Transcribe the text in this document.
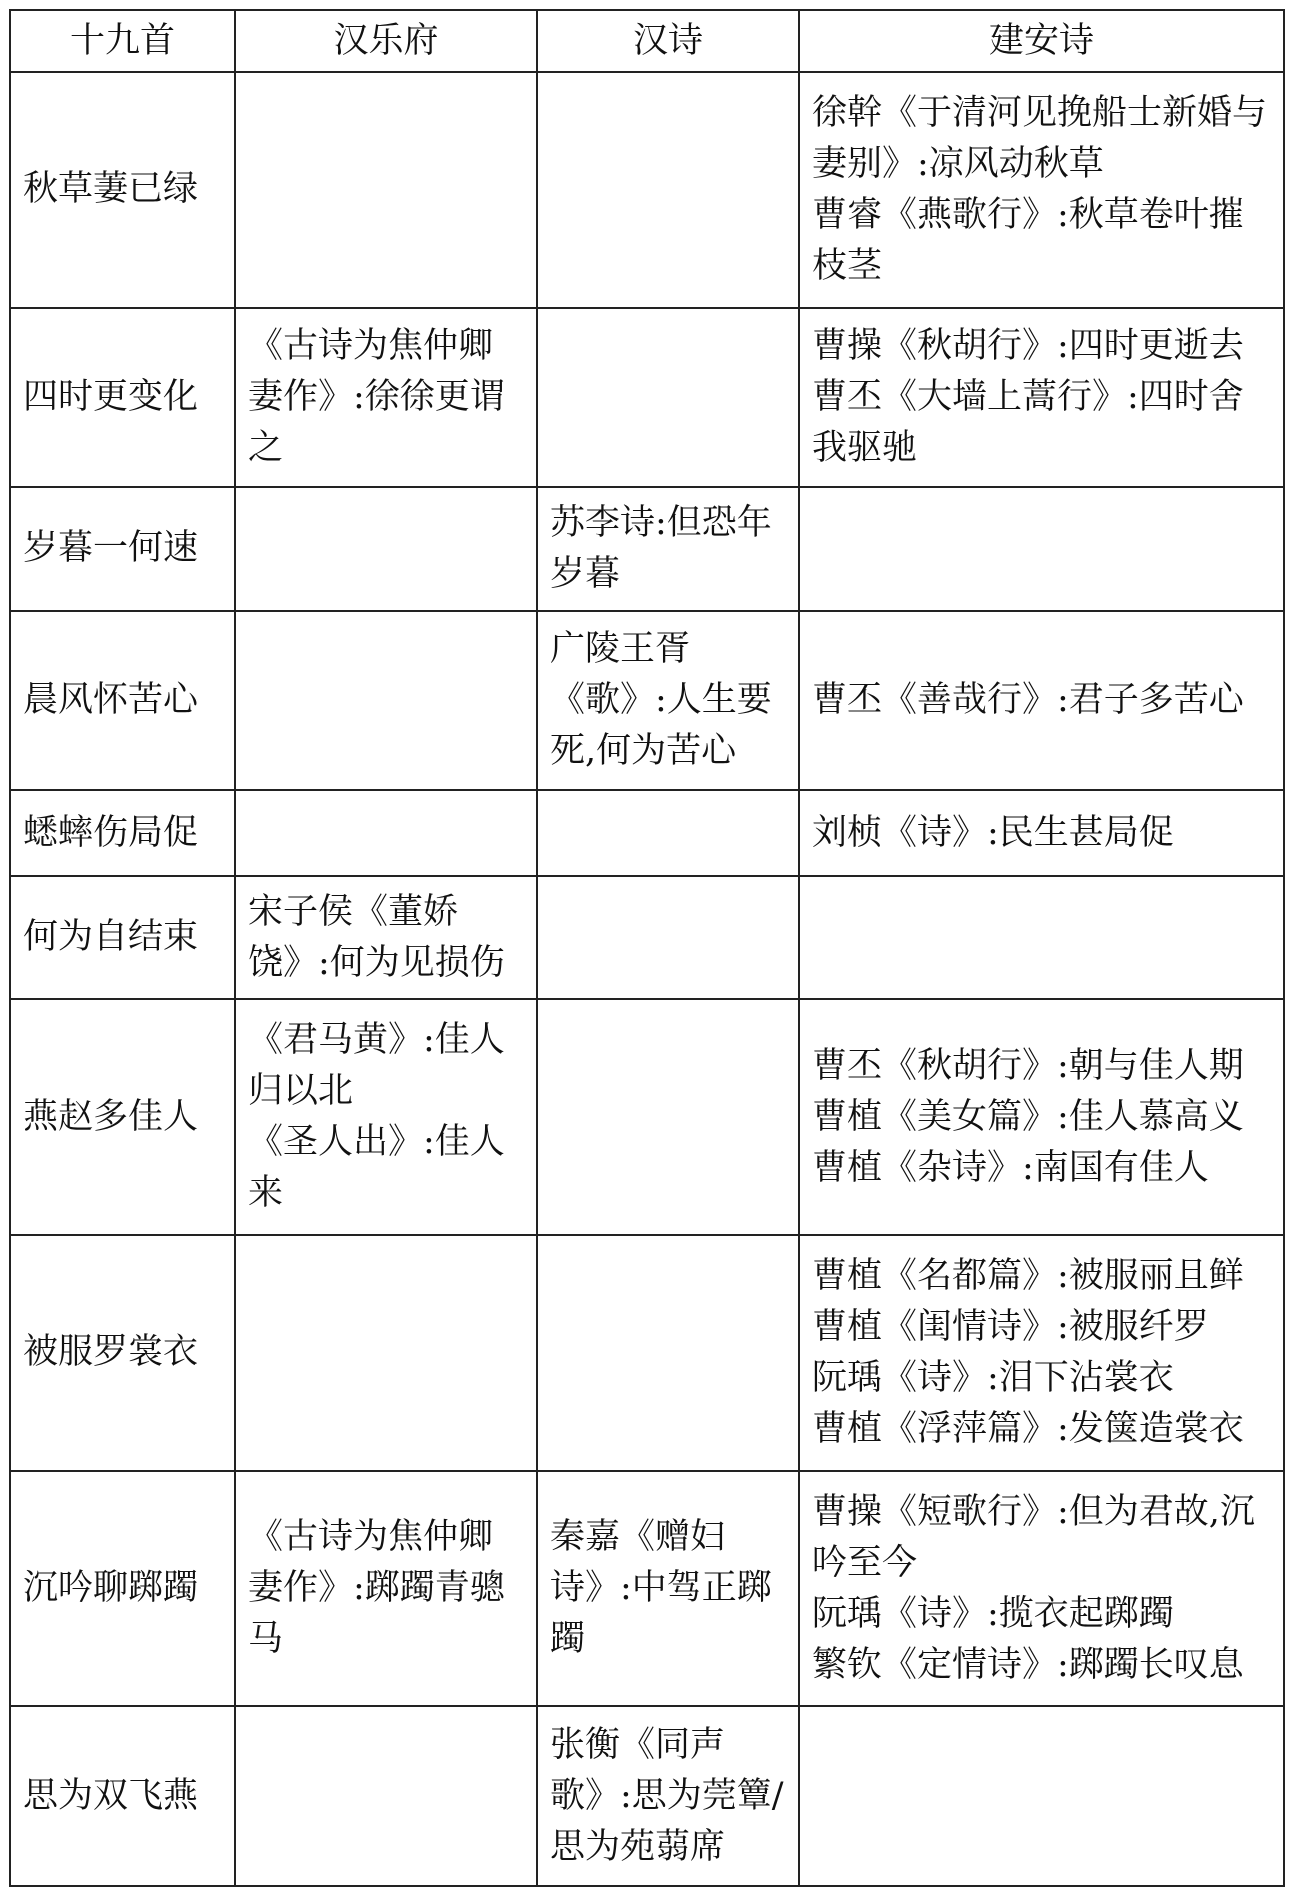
十九首	汉乐府	汉诗	建安诗
秋草萋已绿			徐幹《于清河见挽船士新婚与妻别》:凉风动秋草
曹睿《燕歌行》:秋草卷叶摧枝茎

四时更变化	《古诗为焦仲卿妻作》:徐徐更谓之		曹操《秋胡行》:四时更逝去
曹丕《大墙上蒿行》:四时舍我驱驰

岁暮一何速		苏李诗:但恐年岁暮	

晨风怀苦心		广陵王胥《歌》:人生要死,何为苦心	曹丕《善哉行》:君子多苦心

蟋蟀伤局促			刘桢《诗》:民生甚局促

何为自结束	宋子侯《董娇饶》:何为见损伤		

燕赵多佳人	《君马黄》:佳人归以北
《圣人出》:佳人来		曹丕《秋胡行》:朝与佳人期
曹植《美女篇》:佳人慕高义
曹植《杂诗》:南国有佳人

被服罗裳衣			曹植《名都篇》:被服丽且鲜
曹植《闺情诗》:被服纤罗
阮瑀《诗》:泪下沾裳衣
曹植《浮萍篇》:发箧造裳衣

沉吟聊踯躅	《古诗为焦仲卿妻作》:踯躅青骢马	秦嘉《赠妇诗》:中驾正踯躅	曹操《短歌行》:但为君故,沉吟至今
阮瑀《诗》:揽衣起踯躅
繁钦《定情诗》:踯躅长叹息

思为双飞燕		张衡《同声歌》:思为莞簟/思为苑蒻席	
